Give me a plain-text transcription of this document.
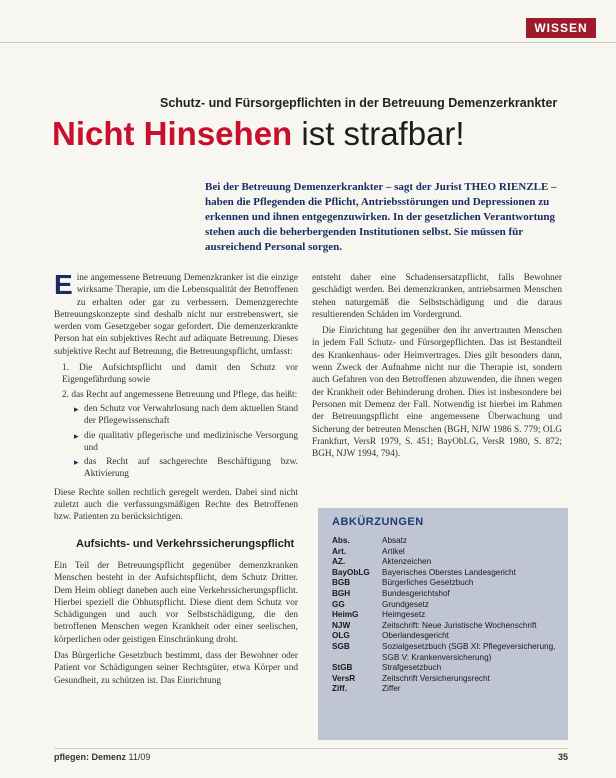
WISSEN
Schutz- und Fürsorgepflichten in der Betreuung Demenzerkrankter
Nicht Hinsehen ist strafbar!
Bei der Betreuung Demenzerkrankter – sagt der Jurist THEO RIENZLE – haben die Pflegenden die Pflicht, Antriebsstörungen und Depressionen zu erkennen und ihnen entgegenzuwirken. In der gesetzlichen Verantwortung stehen auch die beherbergenden Institutionen selbst. Sie müssen für ausreichend Personal sorgen.

E ine angemessene Betreuung Demenzkranker ist die einzige wirksame Therapie, um die Lebensqualität der Betroffenen zu erhalten oder gar zu verbessern. Demenzgerechte Betreuungskonzepte sind deshalb nicht nur erstrebenswert, sie werden vom Gesetzgeber sogar gefordert. Die demenzerkrankte Person hat ein subjektives Recht auf adäquate Betreuung. Dieses subjektive Recht auf Betreuung, die Betreuungspflicht, umfasst:

1. Die Aufsichtspflicht und damit den Schutz vor Eigengefährdung sowie
2. das Recht auf angemessene Betreuung und Pflege, das heißt:
▸ den Schutz vor Verwahrlosung nach dem aktuellen Stand der Pflegewissenschaft
▸ die qualitativ pflegerische und medizinische Versorgung und
▸ das Recht auf sachgerechte Beschäftigung bzw. Aktivierung

Diese Rechte sollen rechtlich geregelt werden. Dabei sind nicht zuletzt auch die verfassungsmäßigen Rechte des Betroffenen bzw. Patienten zu berücksichtigen.

Aufsichts- und Verkehrssicherungspflicht

Ein Teil der Betreuungspflicht gegenüber demenzkranken Menschen besteht in der Aufsichtspflicht, dem Schutz Dritter. Dem Heim obliegt daneben auch eine Verkehrssicherungspflicht. Hierbei speziell die Obhutspflicht. Diese dient dem Schutz vor Schädigungen und auch vor Selbstschädigung, die den betroffenen Menschen wegen Krankheit oder einer seelischen, körperlichen oder geistigen Einschränkung droht.

Das Bürgerliche Gesetzbuch bestimmt, dass der Bewohner oder Patient vor Schädigungen seiner Rechtsgüter, etwa Körper und Gesundheit, zu schützen ist. Das Einrichtung

entsteht daher eine Schadensersatzpflicht, falls Bewohner geschädigt werden. Bei demenzkranken, antriebsarmen Menschen stehen naturgemäß die Selbstschädigung und die daraus resultierenden Schäden im Vordergrund.

Die Einrichtung hat gegenüber den ihr anvertrauten Menschen in jedem Fall Schutz- und Fürsorgepflichten. Das ist Bestandteil des Krankenhaus- oder Heimvertrages. Dies gilt besonders dann, wenn Zweck der Aufnahme nicht nur die Therapie ist, sondern auch Gefahren von den Betroffenen abzuwenden, die ihnen wegen der Krankheit oder Behinderung drohen. Dies ist insbesondere bei Personen mit Demenz der Fall. Notwendig ist hierbei im Rahmen der Betreuungspflicht eine angemessene Überwachung und Sicherung der betreuten Menschen (BGH, NJW 1986 S. 779; OLG Frankfurt, VersR 1979, S. 451; BayObLG, VersR 1980, S. 872; BGH, NJW 1994, 794).

ABKÜRZUNGEN
Abs.	Absatz
Art.	Artikel
AZ.	Aktenzeichen
BayObLG	Bayerisches Oberstes Landesgericht
BGB	Bürgerliches Gesetzbuch
BGH	Bundesgerichtshof
GG	Grundgesetz
HeimG	Heimgesetz
NJW	Zeitschrift: Neue Juristische Wochenschrift
OLG	Oberlandesgericht
SGB	Sozialgesetzbuch (SGB XI: Pflegeversicherung, SGB V: Krankenversicherung)
StGB	Strafgesetzbuch
VersR	Zeitschrift Versicherungsrecht
Ziff.	Ziffer
pflegen: Demenz 11/09	35
